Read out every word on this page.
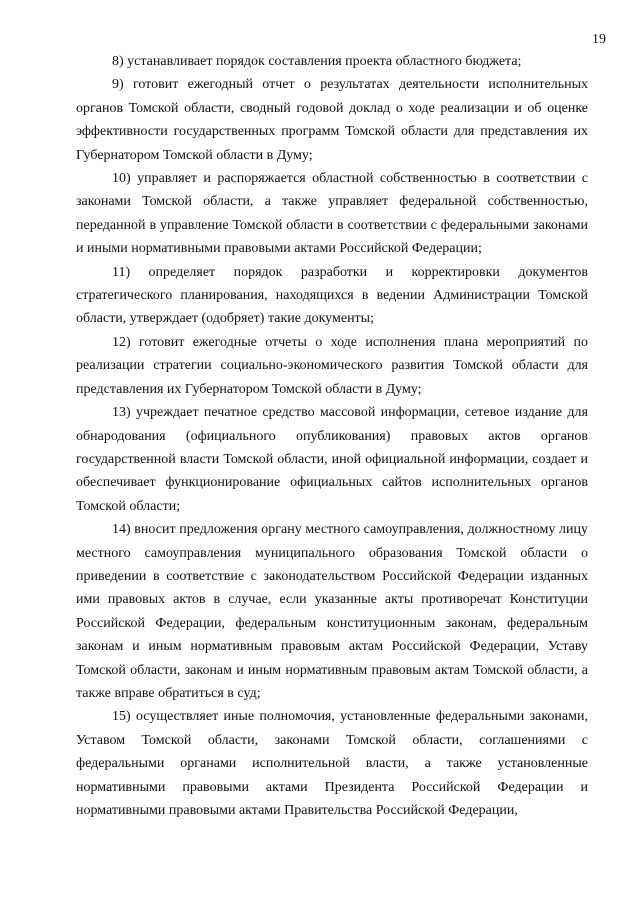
19

8) устанавливает порядок составления проекта областного бюджета;

9) готовит ежегодный отчет о результатах деятельности исполнительных органов Томской области, сводный годовой доклад о ходе реализации и об оценке эффективности государственных программ Томской области для представления их Губернатором Томской области в Думу;

10) управляет и распоряжается областной собственностью в соответствии с законами Томской области, а также управляет федеральной собственностью, переданной в управление Томской области в соответствии с федеральными законами и иными нормативными правовыми актами Российской Федерации;

11) определяет порядок разработки и корректировки документов стратегического планирования, находящихся в ведении Администрации Томской области, утверждает (одобряет) такие документы;

12) готовит ежегодные отчеты о ходе исполнения плана мероприятий по реализации стратегии социально-экономического развития Томской области для представления их Губернатором Томской области в Думу;

13) учреждает печатное средство массовой информации, сетевое издание для обнародования (официального опубликования) правовых актов органов государственной власти Томской области, иной официальной информации, создает и обеспечивает функционирование официальных сайтов исполнительных органов Томской области;

14) вносит предложения органу местного самоуправления, должностному лицу местного самоуправления муниципального образования Томской области о приведении в соответствие с законодательством Российской Федерации изданных ими правовых актов в случае, если указанные акты противоречат Конституции Российской Федерации, федеральным конституционным законам, федеральным законам и иным нормативным правовым актам Российской Федерации, Уставу Томской области, законам и иным нормативным правовым актам Томской области, а также вправе обратиться в суд;

15) осуществляет иные полномочия, установленные федеральными законами, Уставом Томской области, законами Томской области, соглашениями с федеральными органами исполнительной власти, а также установленные нормативными правовыми актами Президента Российской Федерации и нормативными правовыми актами Правительства Российской Федерации,
